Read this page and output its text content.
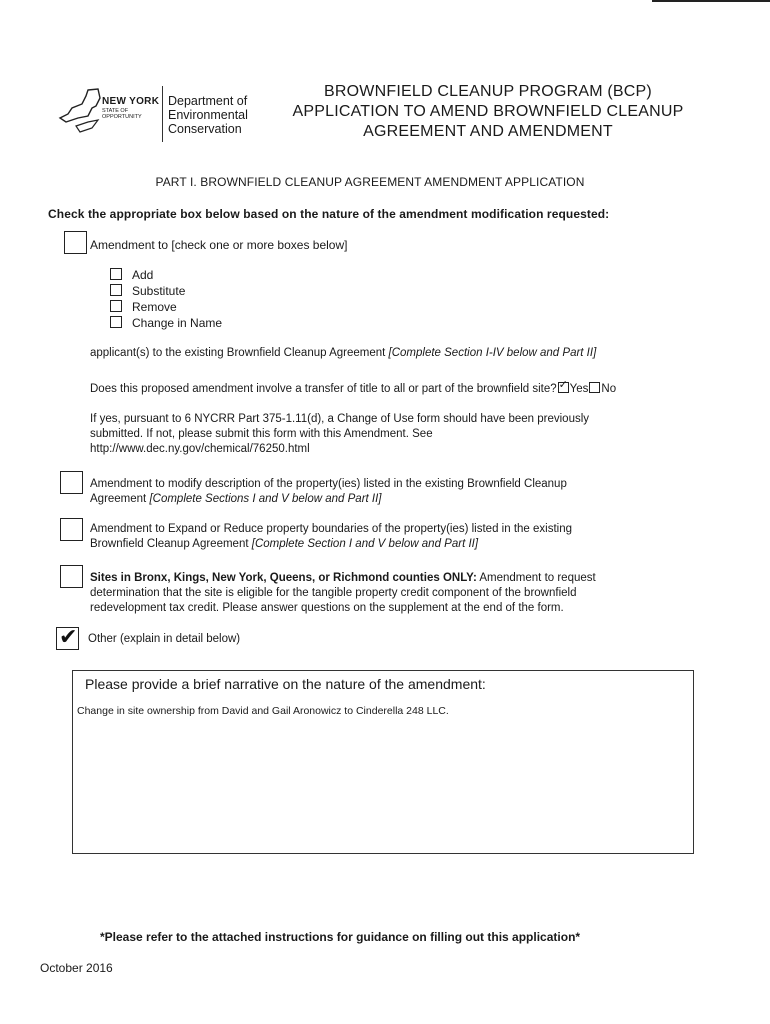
NEW YORK
STATE OF OPPORTUNITY
Department of
Environmental
Conservation
BROWNFIELD CLEANUP PROGRAM (BCP)
APPLICATION TO AMEND BROWNFIELD CLEANUP
AGREEMENT AND AMENDMENT
PART I. BROWNFIELD CLEANUP AGREEMENT AMENDMENT APPLICATION
Check the appropriate box below based on the nature of the amendment modification requested:
Amendment to [check one or more boxes below]
Add
Substitute
Remove
Change in Name
applicant(s) to the existing Brownfield Cleanup Agreement [Complete Section I-IV below and Part II]
Does this proposed amendment involve a transfer of title to all or part of the brownfield site?✓ Yes No
If yes, pursuant to 6 NYCRR Part 375-1.11(d), a Change of Use form should have been previously
submitted. If not, please submit this form with this Amendment. See
http://www.dec.ny.gov/chemical/76250.html
Amendment to modify description of the property(ies) listed in the existing Brownfield Cleanup
Agreement [Complete Sections I and V below and Part II]
Amendment to Expand or Reduce property boundaries of the property(ies) listed in the existing
Brownfield Cleanup Agreement [Complete Section I and V below and Part II]
Sites in Bronx, Kings, New York, Queens, or Richmond counties ONLY: Amendment to request
determination that the site is eligible for the tangible property credit component of the brownfield
redevelopment tax credit. Please answer questions on the supplement at the end of the form.
✔
Other (explain in detail below)
Please provide a brief narrative on the nature of the amendment:
Change in site ownership from David and Gail Aronowicz to Cinderella 248 LLC.
*Please refer to the attached instructions for guidance on filling out this application*
October 2016
